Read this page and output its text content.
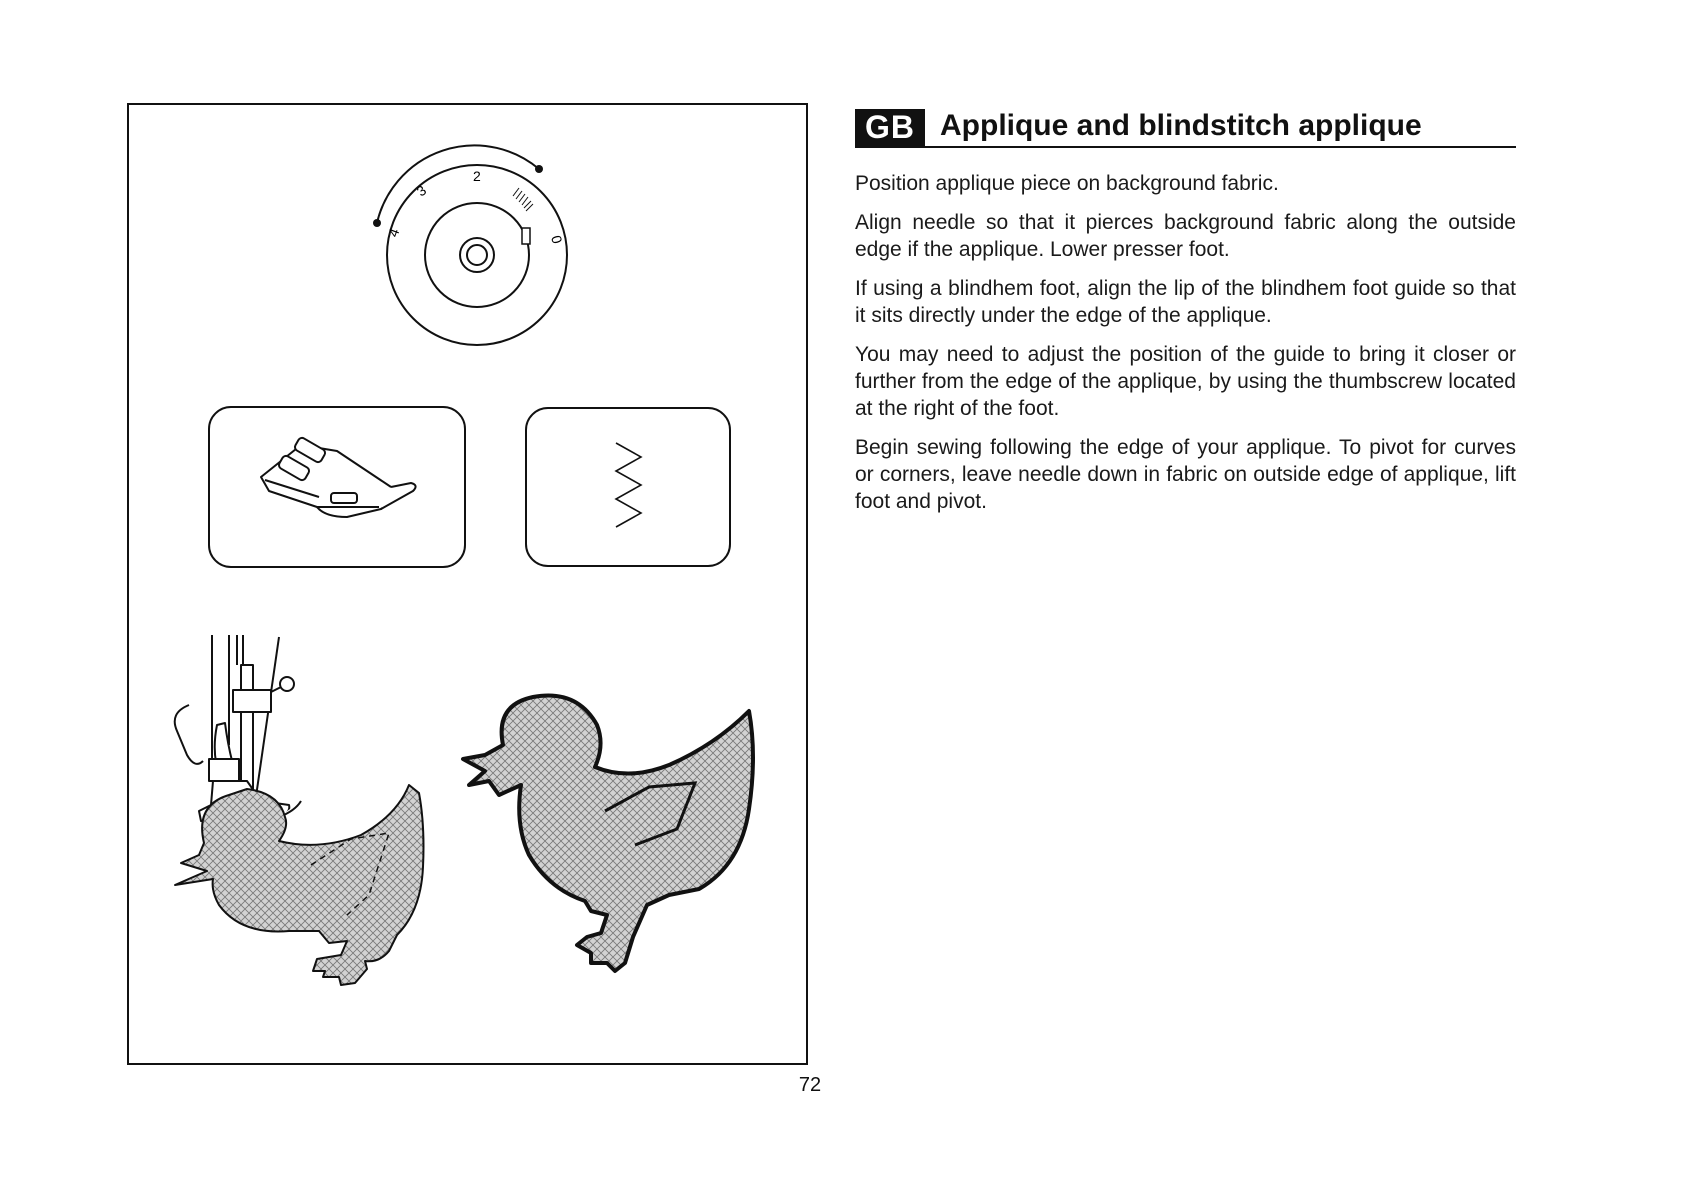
2
3
4
0
72
GB Applique and blindstitch applique

Position applique piece on background fabric.

Align needle so that it pierces background fabric along the outside edge if the applique. Lower presser foot.

If using a blindhem foot, align the lip of the blindhem foot guide so that it sits directly under the edge of the applique.

You may need to adjust the position of the guide to bring it closer or further from the edge of the applique, by using the thumbscrew located at the right of the foot.

Begin sewing following the edge of your applique. To pivot for curves or corners, leave needle down in fabric on outside edge of applique, lift foot and pivot.
